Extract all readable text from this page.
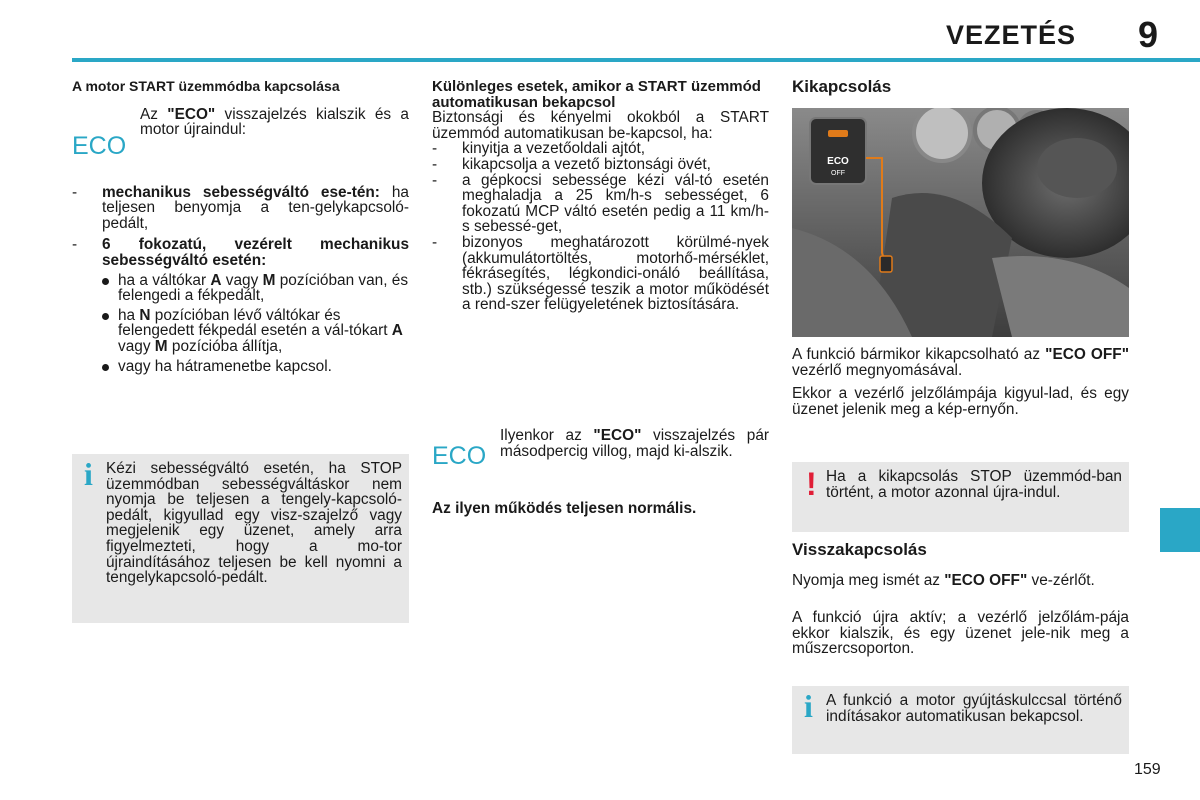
VEZETÉS 9
A motor START üzemmódba kapcsolása
ECO
Az "ECO" visszajelzés kialszik és a motor újraindul:
- mechanikus sebességváltó ese-tén: ha teljesen benyomja a ten-gelykapcsoló-pedált,
- 6 fokozatú, vezérelt mechanikus sebességváltó esetén:
ha a váltókar A vagy M pozícióban van, és felengedi a fékpedált,
ha N pozícióban lévő váltókar és felengedett fékpedál esetén a vál-tókart A vagy M pozícióba állítja,
vagy ha hátramenetbe kapcsol.
i Kézi sebességváltó esetén, ha STOP üzemmódban sebességváltáskor nem nyomja be teljesen a tengely-kapcsoló-pedált, kigyullad egy visz-szajelző vagy megjelenik egy üzenet, amely arra figyelmezteti, hogy a mo-tor újraindításához teljesen be kell nyomni a tengelykapcsoló-pedált.
Különleges esetek, amikor a START üzemmód automatikusan bekapcsol
Biztonsági és kényelmi okokból a START üzemmód automatikusan be-kapcsol, ha:
- kinyitja a vezetőoldali ajtót,
- kikapcsolja a vezető biztonsági övét,
- a gépkocsi sebessége kézi vál-tó esetén meghaladja a 25 km/h-s sebességet, 6 fokozatú MCP váltó esetén pedig a 11 km/h-s sebessé-get,
- bizonyos meghatározott körülmé-nyek (akkumulátortöltés, motorhő-mérséklet, fékrásegítés, légkondici-onáló beállítása, stb.) szükségessé teszik a motor működését a rend-szer felügyeletének biztosítására.
ECO
Ilyenkor az "ECO" visszajelzés pár másodpercig villog, majd ki-alszik.
Az ilyen működés teljesen normális.
Kikapcsolás
ECO
OFF
A funkció bármikor kikapcsolható az "ECO OFF" vezérlő megnyomásával.
Ekkor a vezérlő jelzőlámpája kigyul-lad, és egy üzenet jelenik meg a kép-ernyőn.
! Ha a kikapcsolás STOP üzemmód-ban történt, a motor azonnal újra-indul.
Visszakapcsolás
Nyomja meg ismét az "ECO OFF" ve-zérlőt.
A funkció újra aktív; a vezérlő jelzőlám-pája ekkor kialszik, és egy üzenet jele-nik meg a műszercsoporton.
i A funkció a motor gyújtáskulccsal történő indításakor automatikusan bekapcsol.
159
